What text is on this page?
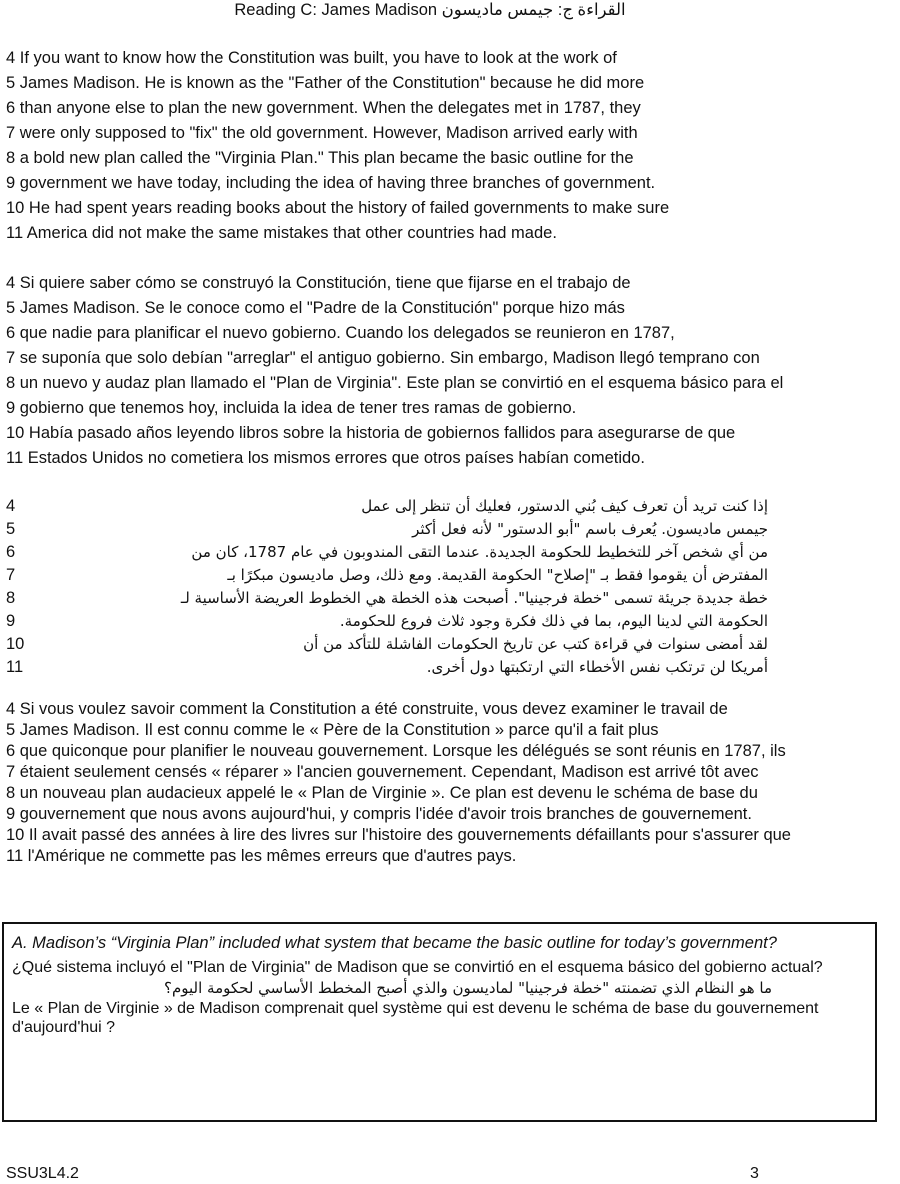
Reading C: James Madison القراءة ج: جيمس ماديسون
4 If you want to know how the Constitution was built, you have to look at the work of
5 James Madison. He is known as the "Father of the Constitution" because he did more
6 than anyone else to plan the new government. When the delegates met in 1787, they
7 were only supposed to "fix" the old government. However, Madison arrived early with
8 a bold new plan called the "Virginia Plan." This plan became the basic outline for the
9 government we have today, including the idea of having three branches of government.
10 He had spent years reading books about the history of failed governments to make sure
11 America did not make the same mistakes that other countries had made.
4 Si quiere saber cómo se construyó la Constitución, tiene que fijarse en el trabajo de
5 James Madison. Se le conoce como el "Padre de la Constitución" porque hizo más
6 que nadie para planificar el nuevo gobierno. Cuando los delegados se reunieron en 1787,
7 se suponía que solo debían "arreglar" el antiguo gobierno. Sin embargo, Madison llegó temprano con
8 un nuevo y audaz plan llamado el "Plan de Virginia". Este plan se convirtió en el esquema básico para el
9 gobierno que tenemos hoy, incluida la idea de tener tres ramas de gobierno.
10 Había pasado años leyendo libros sobre la historia de gobiernos fallidos para asegurarse de que
11 Estados Unidos no cometiera los mismos errores que otros países habían cometido.
4	إذا كنت تريد أن تعرف كيف بُني الدستور، فعليك أن تنظر إلى عمل
5	جيمس ماديسون. يُعرف باسم "أبو الدستور" لأنه فعل أكثر
6	من أي شخص آخر للتخطيط للحكومة الجديدة. عندما التقى المندوبون في عام 1787، كان من
7	المفترض أن يقوموا فقط بـ "إصلاح" الحكومة القديمة. ومع ذلك، وصل ماديسون مبكرًا بـ
8	خطة جديدة جريئة تسمى "خطة فرجينيا". أصبحت هذه الخطة هي الخطوط العريضة الأساسية لـ
9	الحكومة التي لدينا اليوم، بما في ذلك فكرة وجود ثلاث فروع للحكومة.
10	لقد أمضى سنوات في قراءة كتب عن تاريخ الحكومات الفاشلة للتأكد من أن
11	أمريكا لن ترتكب نفس الأخطاء التي ارتكبتها دول أخرى.
4 Si vous voulez savoir comment la Constitution a été construite, vous devez examiner le travail de
5 James Madison. Il est connu comme le « Père de la Constitution » parce qu'il a fait plus
6 que quiconque pour planifier le nouveau gouvernement. Lorsque les délégués se sont réunis en 1787, ils
7 étaient seulement censés « réparer » l'ancien gouvernement. Cependant, Madison est arrivé tôt avec
8 un nouveau plan audacieux appelé le « Plan de Virginie ». Ce plan est devenu le schéma de base du
9 gouvernement que nous avons aujourd'hui, y compris l'idée d'avoir trois branches de gouvernement.
10 Il avait passé des années à lire des livres sur l'histoire des gouvernements défaillants pour s'assurer que
11 l'Amérique ne commette pas les mêmes erreurs que d'autres pays.

A. Madison’s “Virginia Plan” included what system that became the basic outline for today’s government?

¿Qué sistema incluyó el "Plan de Virginia" de Madison que se convirtió en el esquema básico del gobierno actual?

ما هو النظام الذي تضمنته "خطة فرجينيا" لماديسون والذي أصبح المخطط الأساسي لحكومة اليوم؟

Le « Plan de Virginie » de Madison comprenait quel système qui est devenu le schéma de base du gouvernement d'aujourd'hui ?

SSU3L4.2	3
